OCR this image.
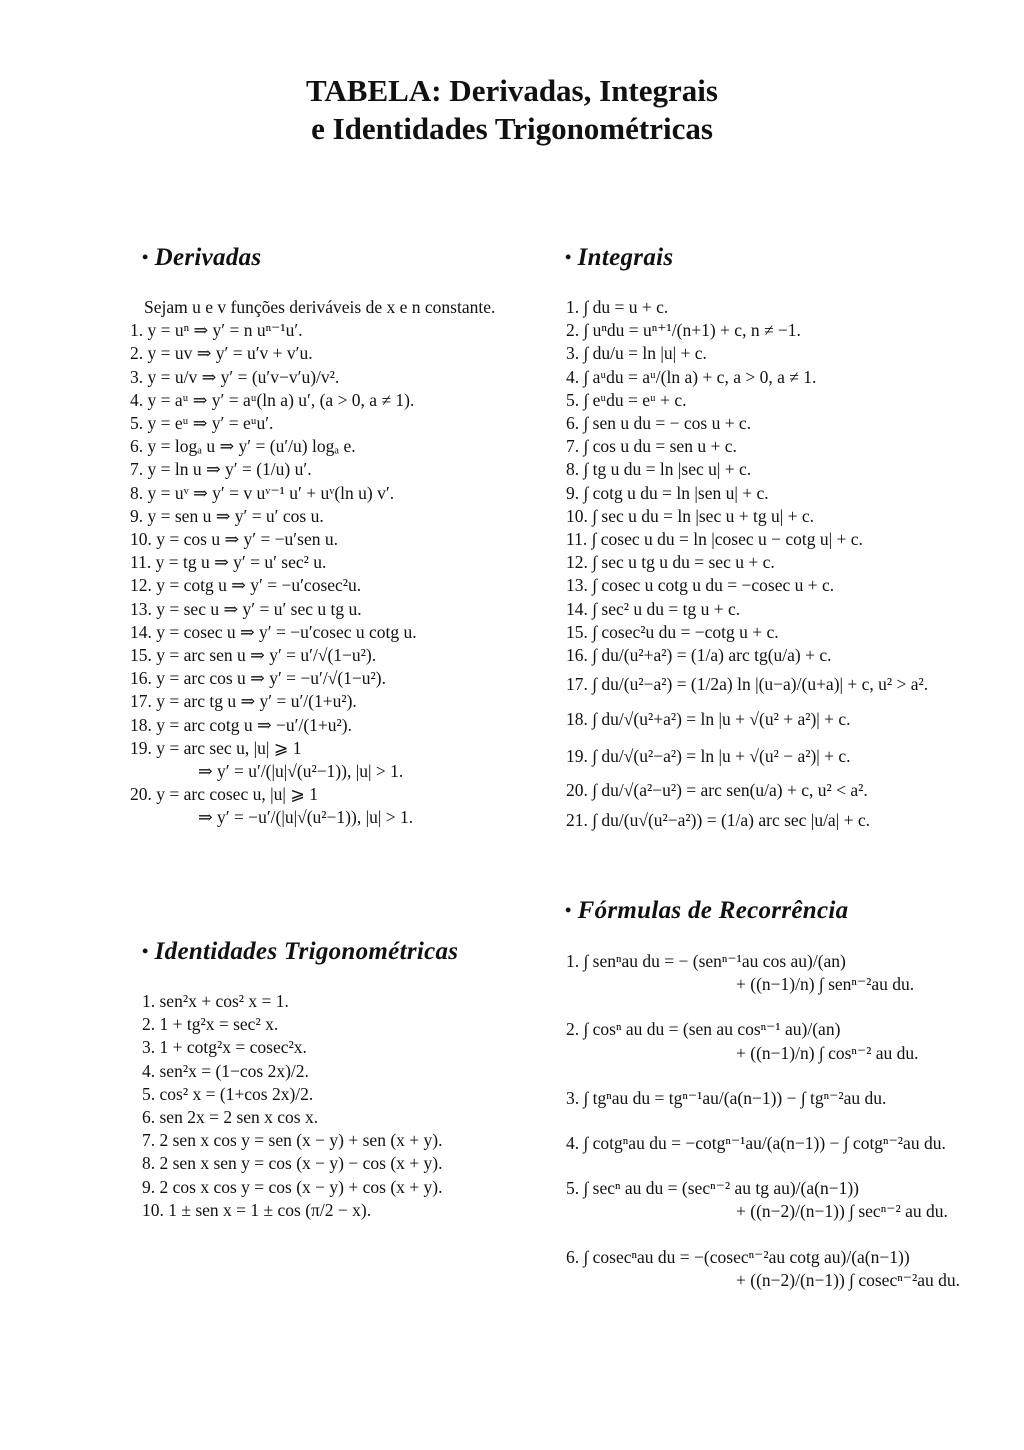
TABELA: Derivadas, Integrais
e Identidades Trigonométricas
• Derivadas
Sejam u e v funções deriváveis de x e n constante.
1. y = uⁿ ⇒ y′ = n uⁿ⁻¹u′.
2. y = uv ⇒ y′ = u′v + v′u.
3. y = u/v ⇒ y′ = (u′v−v′u)/v².
4. y = aᵘ ⇒ y′ = aᵘ(ln a) u′, (a > 0, a ≠ 1).
5. y = eᵘ ⇒ y′ = eᵘu′.
6. y = logₐ u ⇒ y′ = (u′/u) logₐ e.
7. y = ln u ⇒ y′ = (1/u) u′.
8. y = uᵛ ⇒ y′ = v uᵛ⁻¹ u′ + uᵛ(ln u) v′.
9. y = sen u ⇒ y′ = u′ cos u.
10. y = cos u ⇒ y′ = −u′sen u.
11. y = tg u ⇒ y′ = u′ sec² u.
12. y = cotg u ⇒ y′ = −u′cosec²u.
13. y = sec u ⇒ y′ = u′ sec u tg u.
14. y = cosec u ⇒ y′ = −u′cosec u cotg u.
15. y = arc sen u ⇒ y′ = u′/√(1−u²).
16. y = arc cos u ⇒ y′ = −u′/√(1−u²).
17. y = arc tg u ⇒ y′ = u′/(1+u²).
18. y = arc cotg u ⇒ −u′/(1+u²).
19. y = arc sec u, |u| ⩾ 1
⇒ y′ = u′/(|u|√(u²−1)), |u| > 1.
20. y = arc cosec u, |u| ⩾ 1
⇒ y′ = −u′/(|u|√(u²−1)), |u| > 1.
• Integrais
1. ∫ du = u + c.
2. ∫ uⁿdu = uⁿ⁺¹/(n+1) + c, n ≠ −1.
3. ∫ du/u = ln |u| + c.
4. ∫ aᵘdu = aᵘ/(ln a) + c, a > 0, a ≠ 1.
5. ∫ eᵘdu = eᵘ + c.
6. ∫ sen u du = − cos u + c.
7. ∫ cos u du = sen u + c.
8. ∫ tg u du = ln |sec u| + c.
9. ∫ cotg u du = ln |sen u| + c.
10. ∫ sec u du = ln |sec u + tg u| + c.
11. ∫ cosec u du = ln |cosec u − cotg u| + c.
12. ∫ sec u tg u du = sec u + c.
13. ∫ cosec u cotg u du = −cosec u + c.
14. ∫ sec² u du = tg u + c.
15. ∫ cosec²u du = −cotg u + c.
16. ∫ du/(u²+a²) = (1/a) arc tg(u/a) + c.
17. ∫ du/(u²−a²) = (1/2a) ln |(u−a)/(u+a)| + c, u² > a².
18. ∫ du/√(u²+a²) = ln |u + √(u² + a²)| + c.
19. ∫ du/√(u²−a²) = ln |u + √(u² − a²)| + c.
20. ∫ du/√(a²−u²) = arc sen(u/a) + c, u² < a².
21. ∫ du/(u√(u²−a²)) = (1/a) arc sec |u/a| + c.
• Identidades Trigonométricas
1. sen²x + cos² x = 1.
2. 1 + tg²x = sec² x.
3. 1 + cotg²x = cosec²x.
4. sen²x = (1−cos 2x)/2.
5. cos² x = (1+cos 2x)/2.
6. sen 2x = 2 sen x cos x.
7. 2 sen x cos y = sen (x − y) + sen (x + y).
8. 2 sen x sen y = cos (x − y) − cos (x + y).
9. 2 cos x cos y = cos (x − y) + cos (x + y).
10. 1 ± sen x = 1 ± cos (π/2 − x).
• Fórmulas de Recorrência
1. ∫ senⁿau du = − (senⁿ⁻¹au cos au)/(an)
+ ((n−1)/n) ∫ senⁿ⁻²au du.
2. ∫ cosⁿ au du = (sen au cosⁿ⁻¹ au)/(an)
+ ((n−1)/n) ∫ cosⁿ⁻² au du.
3. ∫ tgⁿau du = tgⁿ⁻¹au/(a(n−1)) − ∫ tgⁿ⁻²au du.
4. ∫ cotgⁿau du = −cotgⁿ⁻¹au/(a(n−1)) − ∫ cotgⁿ⁻²au du.
5. ∫ secⁿ au du = (secⁿ⁻² au tg au)/(a(n−1))
+ ((n−2)/(n−1)) ∫ secⁿ⁻² au du.
6. ∫ cosecⁿau du = −(cosecⁿ⁻²au cotg au)/(a(n−1))
+ ((n−2)/(n−1)) ∫ cosecⁿ⁻²au du.
